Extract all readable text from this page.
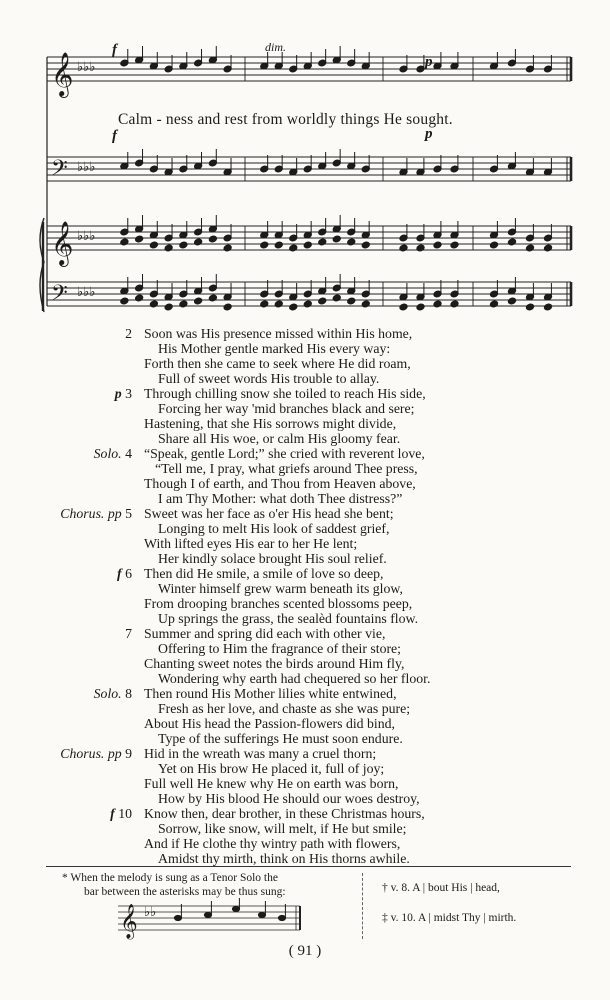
𝄞 ♭♭♭
𝄢 ♭♭♭
𝄞 ♭♭♭
𝄢 ♭♭♭
f	dim.
p
Calm - ness and rest from worldly things He sought.
f	p
2 Soon was His presence missed within His home,
His Mother gentle marked His every way:
Forth then she came to seek where He did roam,
Full of sweet words His trouble to allay.
p 3 Through chilling snow she toiled to reach His side,
Forcing her way 'mid branches black and sere;
Hastening, that she His sorrows might divide,
Share all His woe, or calm His gloomy fear.
Solo. 4 “Speak, gentle Lord;” she cried with reverent love,
“Tell me, I pray, what griefs around Thee press,
Though I of earth, and Thou from Heaven above,
I am Thy Mother: what doth Thee distress?”
Chorus. pp 5 Sweet was her face as o'er His head she bent;
Longing to melt His look of saddest grief,
With lifted eyes His ear to her He lent;
Her kindly solace brought His soul relief.
f 6 Then did He smile, a smile of love so deep,
Winter himself grew warm beneath its glow,
From drooping branches scented blossoms peep,
Up springs the grass, the sealèd fountains flow.
7 Summer and spring did each with other vie,
Offering to Him the fragrance of their store;
Chanting sweet notes the birds around Him fly,
Wondering why earth had chequered so her floor.
Solo. 8 Then round His Mother lilies white entwined,
Fresh as her love, and chaste as she was pure;
About His head the Passion-flowers did bind,
Type of the sufferings He must soon endure.
Chorus. pp 9 Hid in the wreath was many a cruel thorn;
Yet on His brow He placed it, full of joy;
Full well He knew why He on earth was born,
How by His blood He should our woes destroy,
f 10 Know then, dear brother, in these Christmas hours,
Sorrow, like snow, will melt, if He but smile;
And if He clothe thy wintry path with flowers,
Amidst thy mirth, think on His thorns awhile.
* When the melody is sung as a Tenor Solo the
bar between the asterisks may be thus sung:
𝄞 ♭♭
† v. 8. A | bout His | head,
‡ v. 10. A | midst Thy | mirth.
( 91 )
